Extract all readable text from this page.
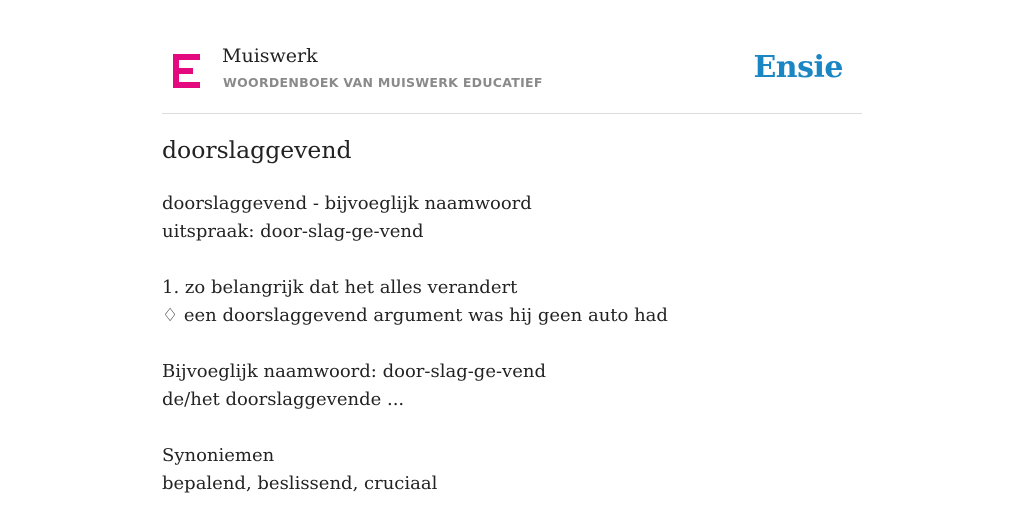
Muiswerk
WOORDENBOEK VAN MUISWERK EDUCATIEF	Ensie
doorslaggevend
doorslaggevend - bijvoeglijk naamwoord
uitspraak: door-slag-ge-vend
1. zo belangrijk dat het alles verandert
♢ een doorslaggevend argument was hij geen auto had
Bijvoeglijk naamwoord: door-slag-ge-vend
de/het doorslaggevende ...
Synoniemen
bepalend, beslissend, cruciaal
